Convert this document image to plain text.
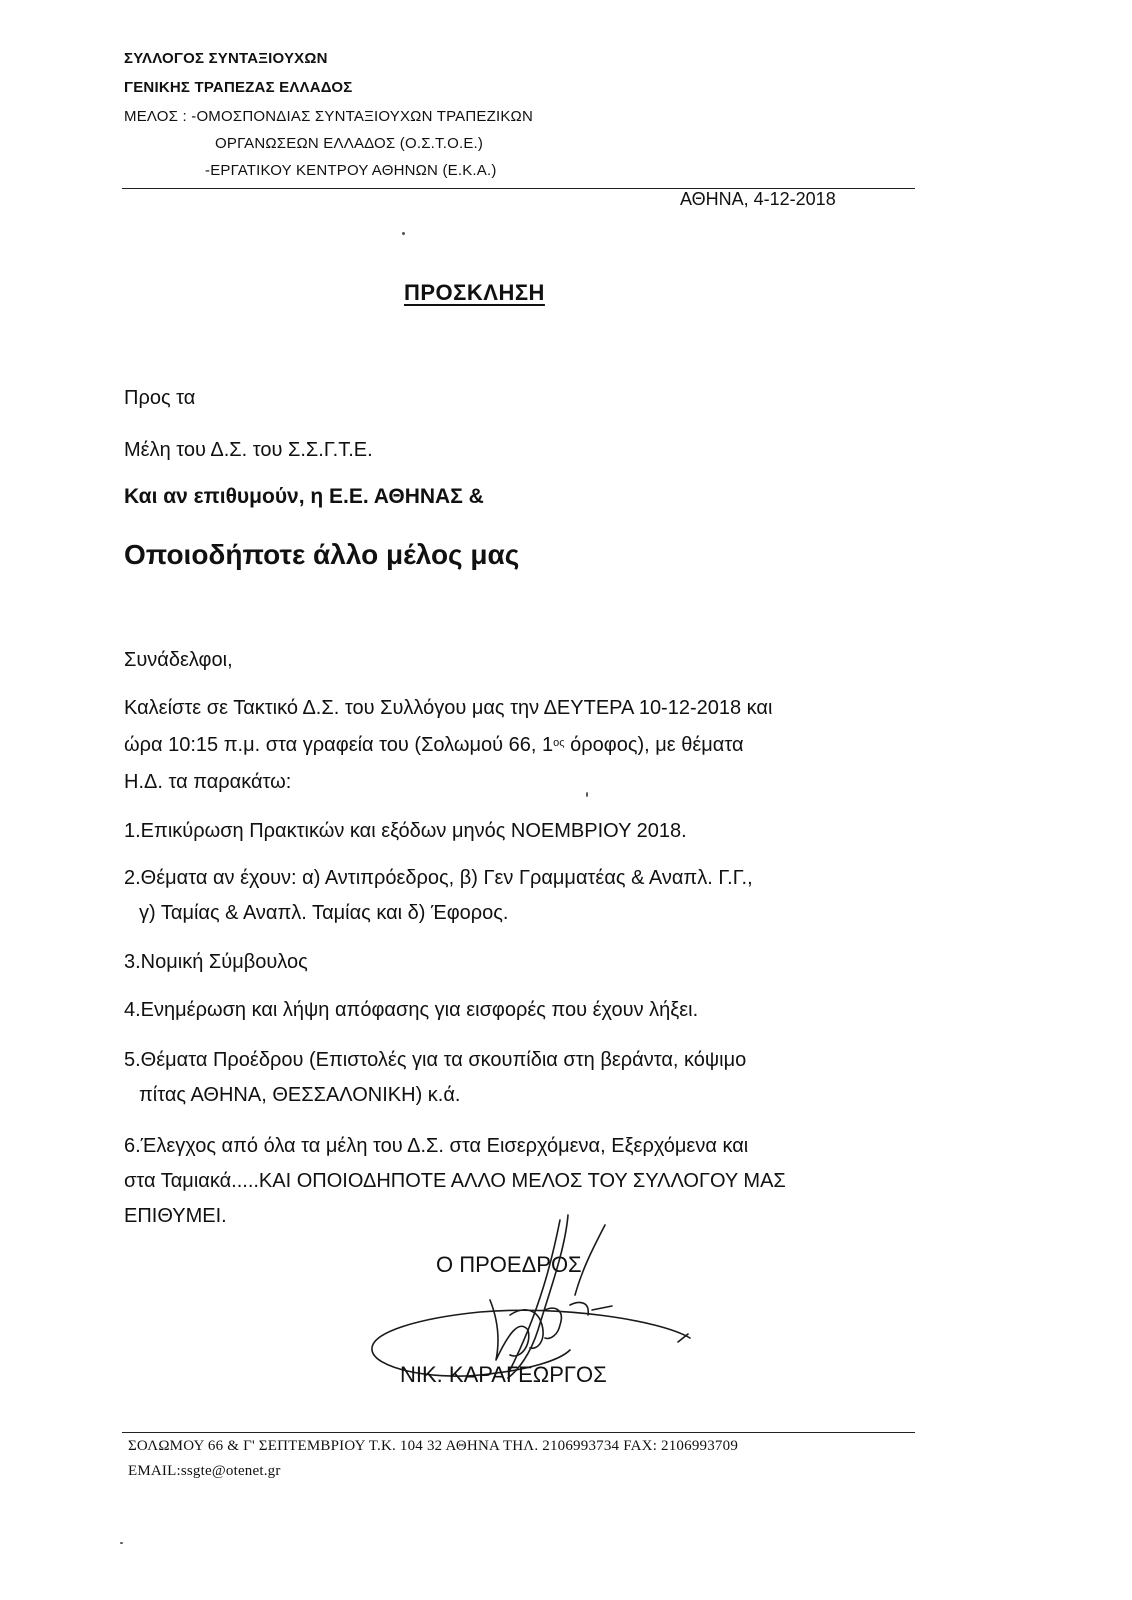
ΣΥΛΛΟΓΟΣ ΣΥΝΤΑΞΙΟΥΧΩΝ
ΓΕΝΙΚΗΣ ΤΡΑΠΕΖΑΣ ΕΛΛΑΔΟΣ
ΜΕΛΟΣ : -ΟΜΟΣΠΟΝΔΙΑΣ ΣΥΝΤΑΞΙΟΥΧΩΝ ΤΡΑΠΕΖΙΚΩΝ
ΟΡΓΑΝΩΣΕΩΝ ΕΛΛΑΔΟΣ (Ο.Σ.Τ.Ο.Ε.)
-ΕΡΓΑΤΙΚΟΥ ΚΕΝΤΡΟΥ ΑΘΗΝΩΝ (Ε.Κ.Α.)
ΑΘΗΝΑ, 4-12-2018
ΠΡΟΣΚΛΗΣΗ
Προς τα
Μέλη του Δ.Σ. του Σ.Σ.Γ.Τ.Ε.
Και αν επιθυμούν, η Ε.Ε. ΑΘΗΝΑΣ &
Οποιοδήποτε άλλο μέλος μας
Συνάδελφοι,
Καλείστε σε Τακτικό Δ.Σ. του Συλλόγου μας την ΔΕΥΤΕΡΑ 10-12-2018 και
ώρα 10:15 π.μ. στα γραφεία του (Σολωμού 66, $1^{o\varsigma}$ όροφος), με θέματα
Η.Δ. τα παρακάτω:
1.Επικύρωση Πρακτικών και εξόδων μηνός ΝΟΕΜΒΡΙΟΥ 2018.
2.Θέματα αν έχουν: α) Αντιπρόεδρος, β) Γεν Γραμματέας & Αναπλ. Γ.Γ.,
γ) Ταμίας & Αναπλ. Ταμίας και δ) Έφορος.
3.Νομική Σύμβουλος
4.Ενημέρωση και λήψη απόφασης για εισφορές που έχουν λήξει.
5.Θέματα Προέδρου (Επιστολές για τα σκουπίδια στη βεράντα, κόψιμο
πίτας ΑΘΗΝΑ, ΘΕΣΣΑΛΟΝΙΚΗ) κ.ά.
6.Έλεγχος από όλα τα μέλη του Δ.Σ. στα Εισερχόμενα, Εξερχόμενα και
στα Ταμιακά.....ΚΑΙ ΟΠΟΙΟΔΗΠΟΤΕ ΑΛΛΟ ΜΕΛΟΣ ΤΟΥ ΣΥΛΛΟΓΟΥ ΜΑΣ
ΕΠΙΘΥΜΕΙ.
Ο ΠΡΟΕΔΡΟΣ
ΝΙΚ. ΚΑΡΑΓΕΩΡΓΟΣ
ΣΟΛΩΜΟΥ 66 & Γ' ΣΕΠΤΕΜΒΡΙΟΥ Τ.Κ. 104 32 ΑΘΗΝΑ ΤΗΛ. 2106993734 FAX: 2106993709
EMAIL:ssgte@otenet.gr
